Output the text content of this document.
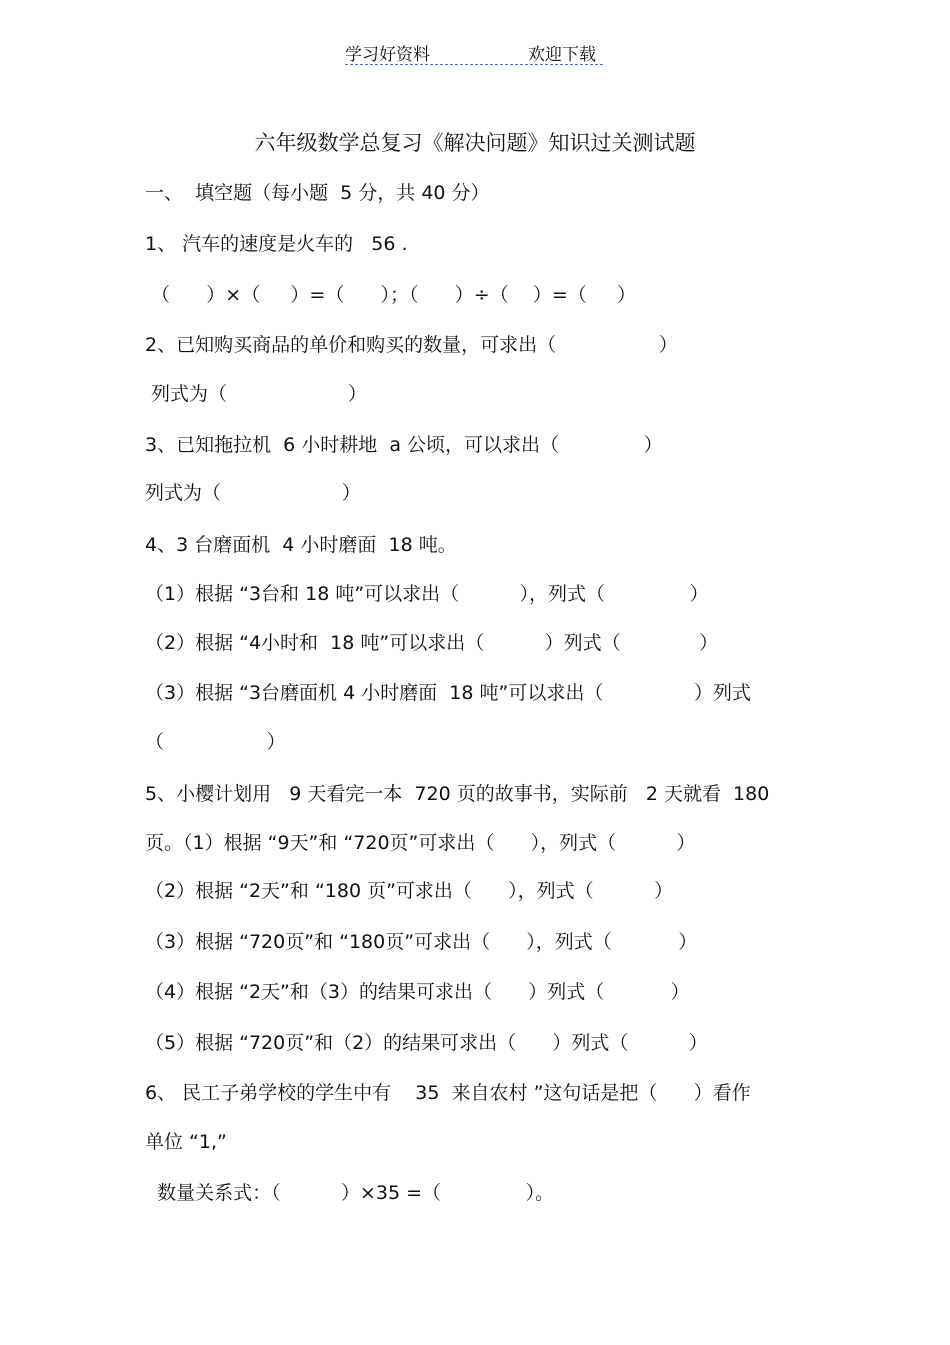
学习好资料	欢迎下载
六年级数学总复习《解决问题》知识过关测试题
一、  填空题（每小题  5 分，共 40 分）
1、 汽车的速度是火车的   56 .
（      ）×（     ）=（      ）；（      ）÷（    ）=（     ）
2、已知购买商品的单价和购买的数量，可求出（                 ）
列式为（                    ）
3、已知拖拉机  6 小时耕地  a 公顷，可以求出（              ）
列式为（                    ）
4、3 台磨面机  4 小时磨面  18 吨。
（1）根据 “3台和 18 吨”可以求出（          ），列式（              ）
（2）根据 “4小时和  18 吨”可以求出（          ）列式（             ）
（3）根据 “3台磨面机 4 小时磨面  18 吨”可以求出（               ）列式
（                 ）
5、小樱计划用   9 天看完一本  720 页的故事书，实际前   2 天就看  180
页。（1）根据 “9天”和 “720页”可求出（      ），列式（          ）
（2）根据 “2天”和 “180 页”可求出（      ），列式（          ）
（3）根据 “720页”和 “180页”可求出（      ），列式（           ）
（4）根据 “2天”和（3）的结果可求出（      ）列式（           ）
（5）根据 “720页”和（2）的结果可求出（      ）列式（          ）
6、 民工子弟学校的学生中有    35  来自农村 ”这句话是把（      ）看作
单位 “1,”
数量关系式：（          ）×35 =（              ）。
